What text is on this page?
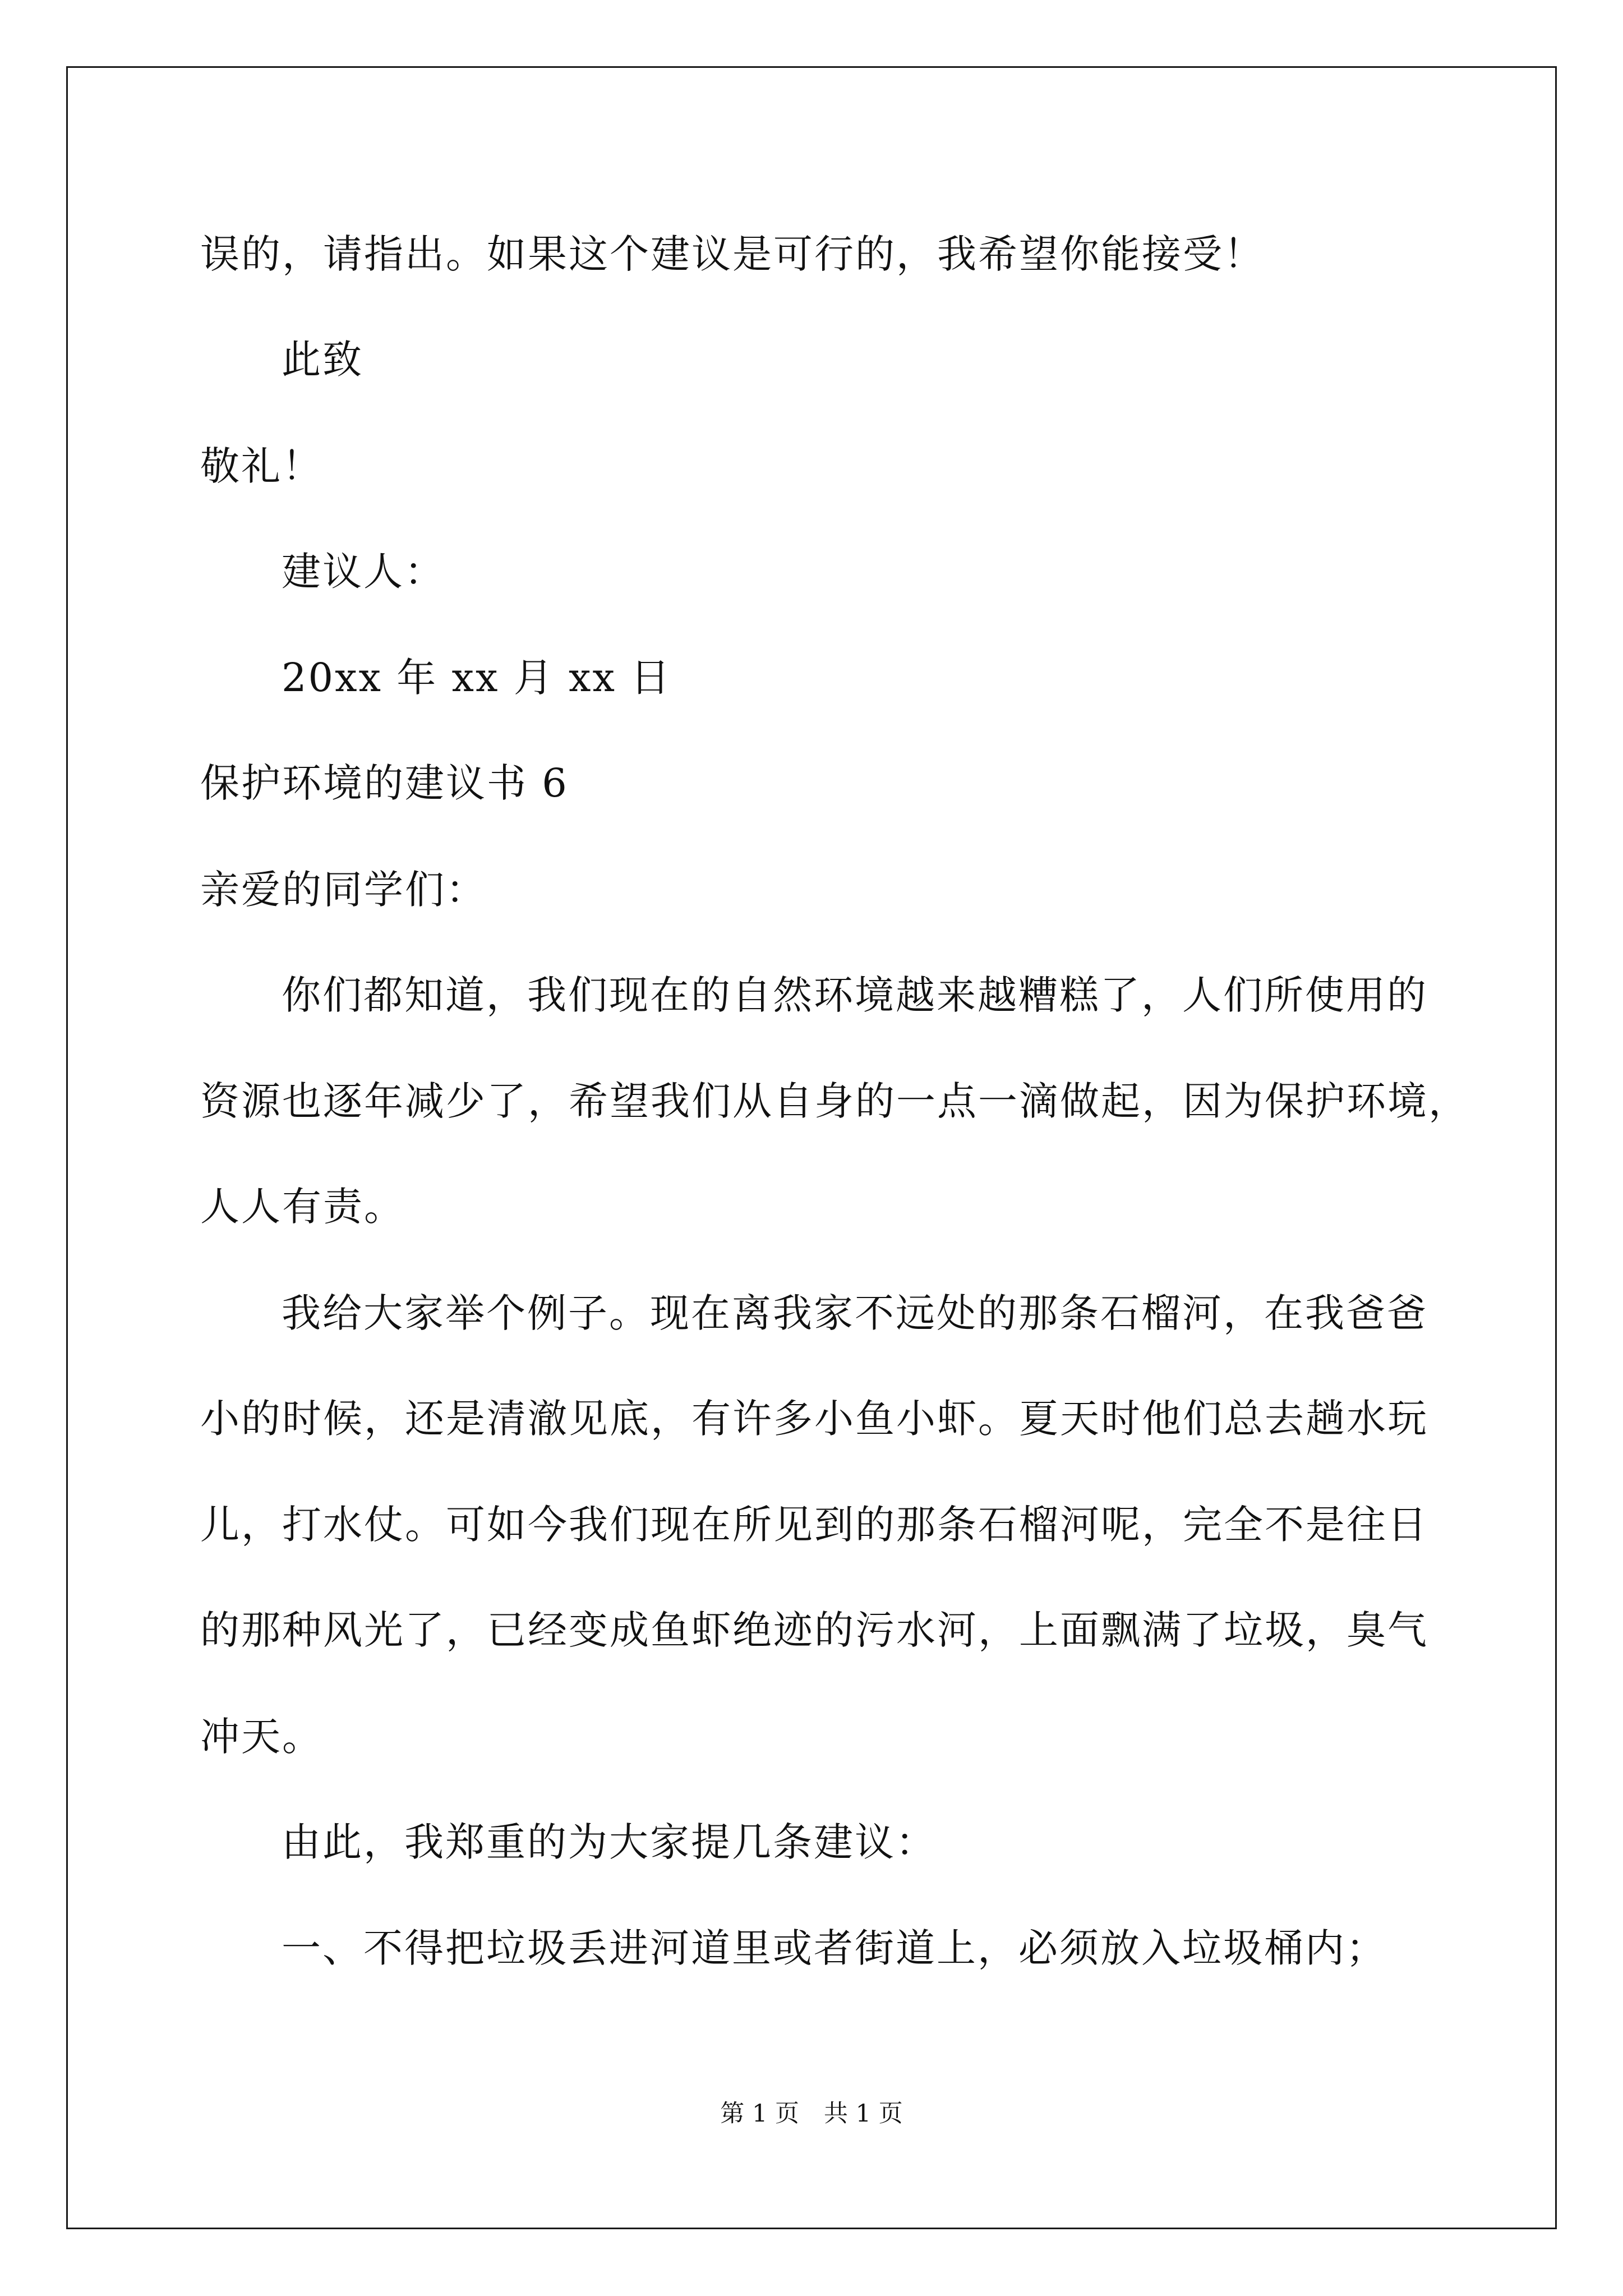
误的，请指出。如果这个建议是可行的，我希望你能接受！
此致
敬礼！
建议人：
20xx 年 xx 月 xx 日
保护环境的建议书 6
亲爱的同学们：
你们都知道，我们现在的自然环境越来越糟糕了，人们所使用的
资源也逐年减少了，希望我们从自身的一点一滴做起，因为保护环境，
人人有责。
我给大家举个例子。现在离我家不远处的那条石榴河，在我爸爸
小的时候，还是清澈见底，有许多小鱼小虾。夏天时他们总去趟水玩
儿，打水仗。可如今我们现在所见到的那条石榴河呢，完全不是往日
的那种风光了，已经变成鱼虾绝迹的污水河，上面飘满了垃圾，臭气
冲天。
由此，我郑重的为大家提几条建议：
一、不得把垃圾丢进河道里或者街道上，必须放入垃圾桶内；
第 1 页 共 1 页
